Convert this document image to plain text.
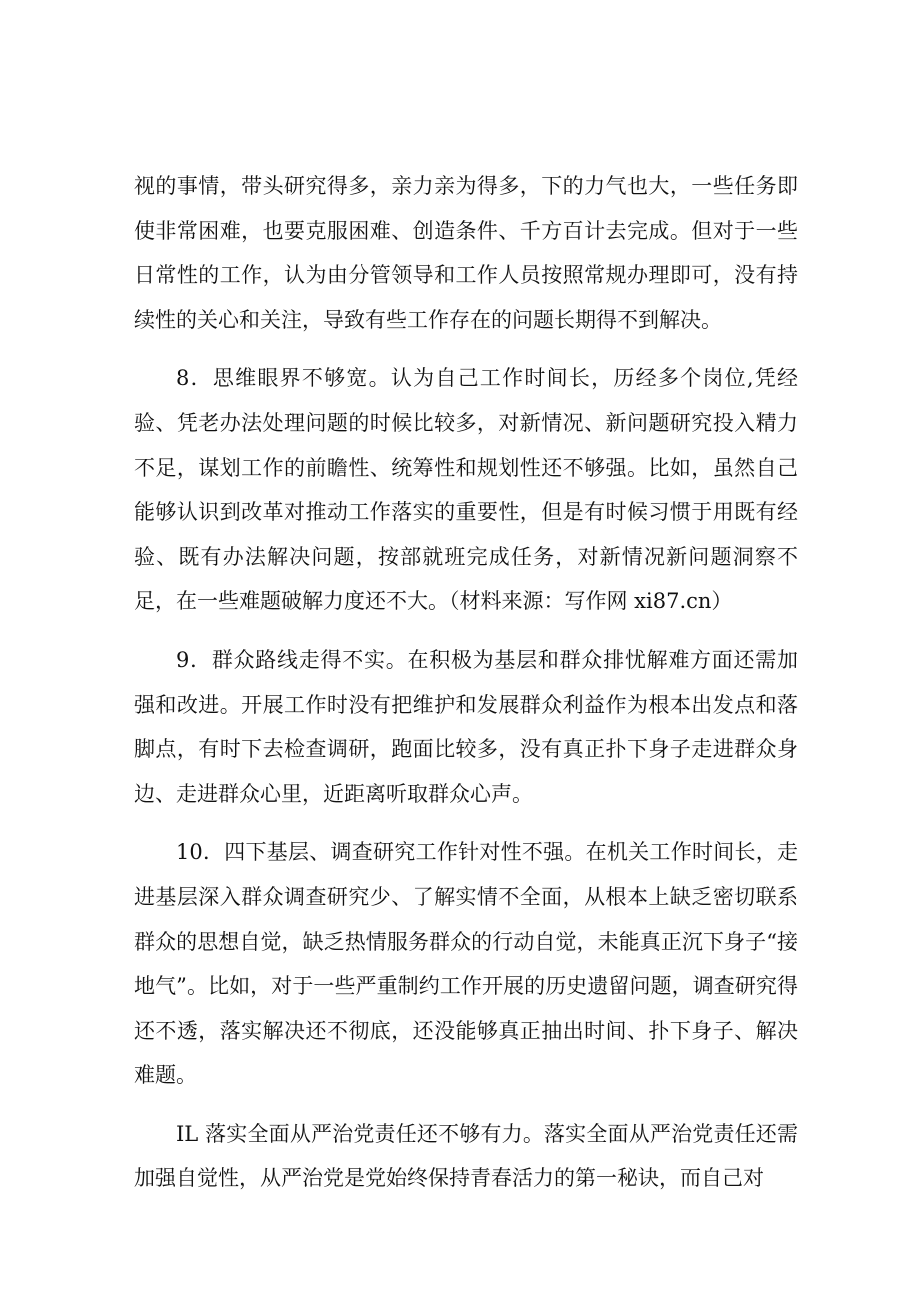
视的事情，带头研究得多，亲力亲为得多，下的力气也大，一些任务即使非常困难，也要克服困难、创造条件、千方百计去完成。但对于一些日常性的工作，认为由分管领导和工作人员按照常规办理即可，没有持续性的关心和关注，导致有些工作存在的问题长期得不到解决。

8．思维眼界不够宽。认为自己工作时间长，历经多个岗位,凭经验、凭老办法处理问题的时候比较多，对新情况、新问题研究投入精力不足，谋划工作的前瞻性、统筹性和规划性还不够强。比如，虽然自己能够认识到改革对推动工作落实的重要性，但是有时候习惯于用既有经验、既有办法解决问题，按部就班完成任务，对新情况新问题洞察不足，在一些难题破解力度还不大。（材料来源：写作网 xi87.cn）

9．群众路线走得不实。在积极为基层和群众排忧解难方面还需加强和改进。开展工作时没有把维护和发展群众利益作为根本出发点和落脚点，有时下去检查调研，跑面比较多，没有真正扑下身子走进群众身边、走进群众心里，近距离听取群众心声。

10．四下基层、调查研究工作针对性不强。在机关工作时间长，走进基层深入群众调查研究少、了解实情不全面，从根本上缺乏密切联系群众的思想自觉，缺乏热情服务群众的行动自觉，未能真正沉下身子“接地气”。比如，对于一些严重制约工作开展的历史遗留问题，调查研究得还不透，落实解决还不彻底，还没能够真正抽出时间、扑下身子、解决难题。

IL 落实全面从严治党责任还不够有力。落实全面从严治党责任还需加强自觉性，从严治党是党始终保持青春活力的第一秘诀，而自己对
